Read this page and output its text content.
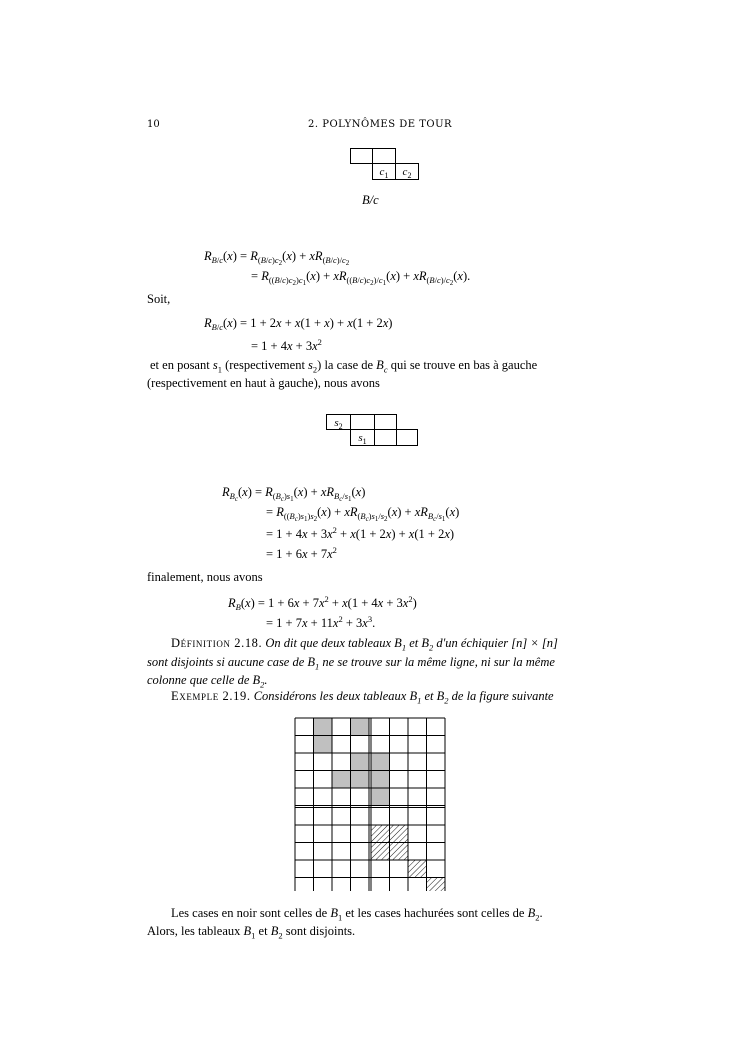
10	2. POLYNÔMES DE TOUR
$c_1$	$c_2$
B/c
$R_{B/c}(x) = R_{(B/c)c_2}(x) + xR_{(B/c)/c_2}$
= $R_{((B/c)c_2)c_1}(x) + xR_{((B/c)c_2)/c_1}(x) + xR_{(B/c)/c_2}(x)$.
Soit,
$R_{B/c}(x) = 1 + 2x + x(1 + x) + x(1 + 2x)$
= $1 + 4x + 3x^2$
et en posant $s_1$ (respectivement $s_2$) la case de $B_c$ qui se trouve en bas à gauche
(respectivement en haut à gauche), nous avons
$s_2$
$s_1$
$R_{B_c}(x) = R_{(B_c)s_1}(x) + xR_{B_c/s_1}(x)$
= $R_{((B_c)s_1)s_2}(x) + xR_{(B_c)s_1/s_2}(x) + xR_{B_c/s_1}(x)$
= $1 + 4x + 3x^2 + x(1 + 2x) + x(1 + 2x)$
= $1 + 6x + 7x^2$
finalement, nous avons
$R_B(x) = 1 + 6x + 7x^2 + x(1 + 4x + 3x^2)$
= $1 + 7x + 11x^2 + 3x^3$.
Définition 2.18. On dit que deux tableaux $B_1$ et $B_2$ d'un échiquier [n] × [n]
sont disjoints si aucune case de $B_1$ ne se trouve sur la même ligne, ni sur la même
colonne que celle de $B_2$.
Exemple 2.19. Considérons les deux tableaux $B_1$ et $B_2$ de la figure suivante
Les cases en noir sont celles de $B_1$ et les cases hachurées sont celles de $B_2$.
Alors, les tableaux $B_1$ et $B_2$ sont disjoints.
